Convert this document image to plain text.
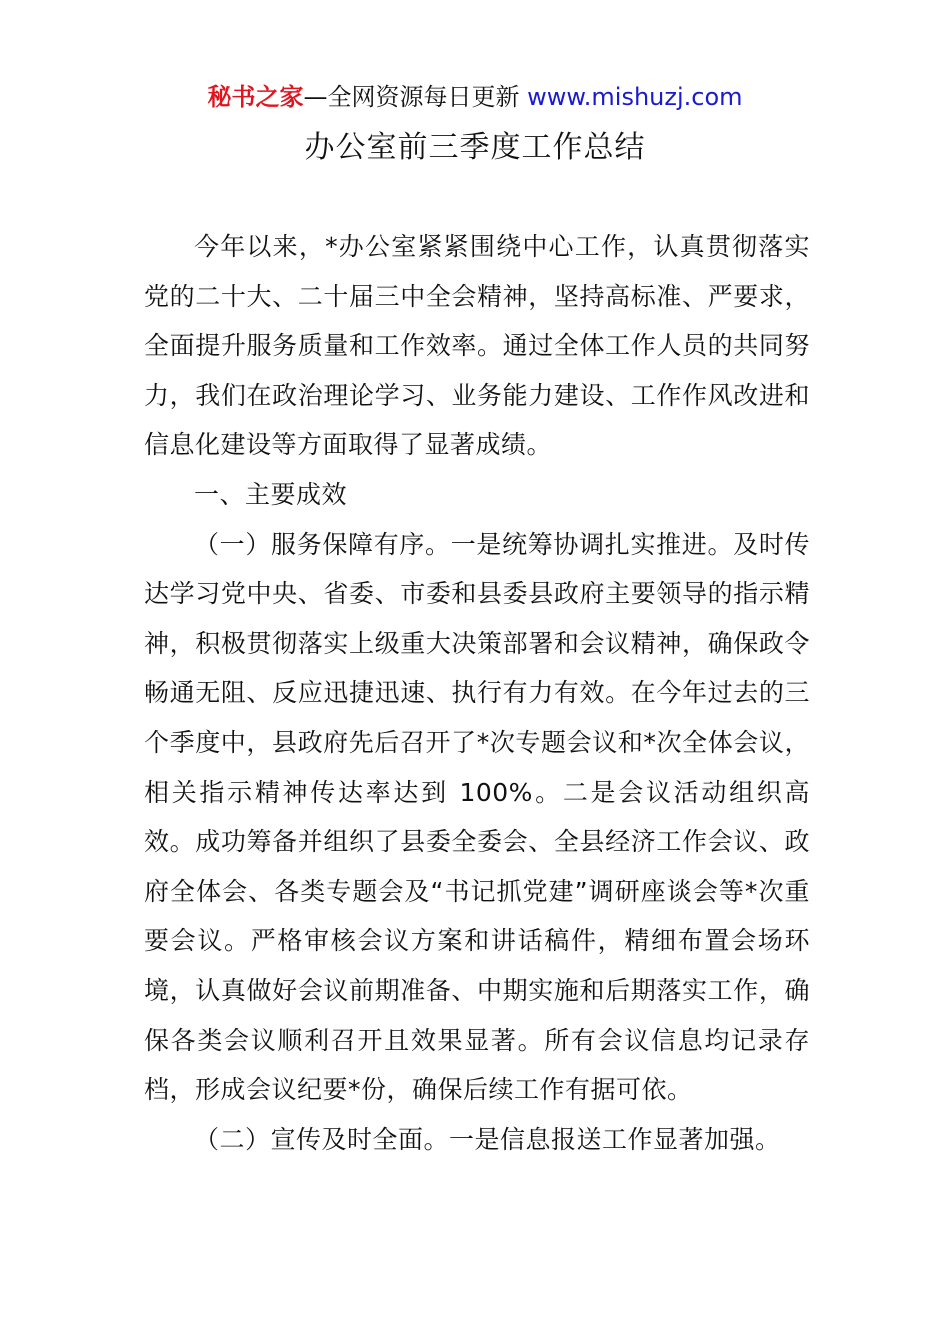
秘书之家—全网资源每日更新 www.mishuzj.com
办公室前三季度工作总结

今年以来，*办公室紧紧围绕中心工作，认真贯彻落实党的二十大、二十届三中全会精神，坚持高标准、严要求，全面提升服务质量和工作效率。通过全体工作人员的共同努力，我们在政治理论学习、业务能力建设、工作作风改进和信息化建设等方面取得了显著成绩。

一、主要成效

（一）服务保障有序。一是统筹协调扎实推进。及时传达学习党中央、省委、市委和县委县政府主要领导的指示精神，积极贯彻落实上级重大决策部署和会议精神，确保政令畅通无阻、反应迅捷迅速、执行有力有效。在今年过去的三个季度中，县政府先后召开了*次专题会议和*次全体会议，相关指示精神传达率达到 100%。二是会议活动组织高效。成功筹备并组织了县委全委会、全县经济工作会议、政府全体会、各类专题会及“书记抓党建”调研座谈会等*次重要会议。严格审核会议方案和讲话稿件，精细布置会场环境，认真做好会议前期准备、中期实施和后期落实工作，确保各类会议顺利召开且效果显著。所有会议信息均记录存档，形成会议纪要*份，确保后续工作有据可依。

（二）宣传及时全面。一是信息报送工作显著加强。
